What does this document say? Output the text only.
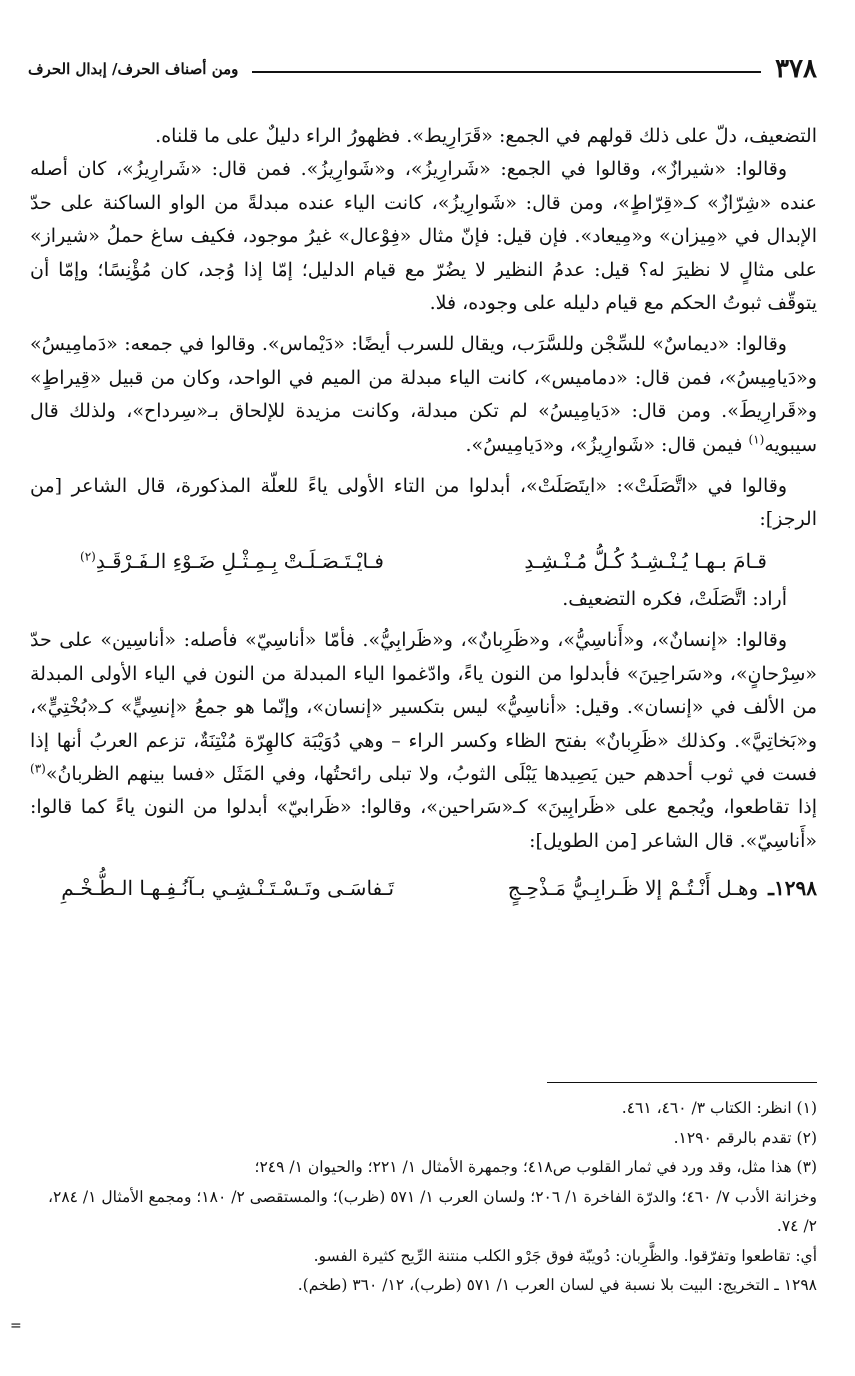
٣٧٨
ومن أصناف الحرف/ إبدال الحرف

التضعيف، دلّ على ذلك قولهم في الجمع: «قَرَارِيط». فظهورُ الراء دليلٌ على ما قلناه.

وقالوا: «شيرازٌ»، وقالوا في الجمع: «شَرارِيزُ»، و«شَوارِيزُ». فمن قال: «شَرارِيزُ»، كان أصله عنده «شِرّازٌ» كـ«قِرّاطٍ»، ومن قال: «شَوارِيزُ»، كانت الياء عنده مبدلةً من الواو الساكنة على حدّ الإبدال في «مِيزان» و«مِيعاد». فإن قيل: فإنّ مثال «فِوْعال» غيرُ موجود، فكيف ساغ حملُ «شيراز» على مثالٍ لا نظيرَ له؟ قيل: عدمُ النظير لا يضُرّ مع قيام الدليل؛ إمّا إذا وُجد، كان مُؤْنِسًا؛ وإمّا أن يتوقّف ثبوتُ الحكم مع قيام دليله على وجوده، فلا.

وقالوا: «ديماسٌ» للسِّجْن وللسَّرَب، ويقال للسرب أيضًا: «دَيْماس». وقالوا في جمعه: «دَمامِيسُ» و«دَيامِيسُ»، فمن قال: «دماميس»، كانت الياء مبدلة من الميم في الواحد، وكان من قبيل «قِيراطٍ» و«قَرارِيطَ». ومن قال: «دَيامِيسُ» لم تكن مبدلة، وكانت مزيدة للإلحاق بـ«سِرداح»، ولذلك قال سيبويه$^{(١)}$ فيمن قال: «شَوارِيزُ»، و«دَيامِيسُ».

وقالوا في «اتَّصَلَتْ»: «ايتَصَلَتْ»، أبدلوا من التاء الأولى ياءً للعلّة المذكورة، قال الشاعر [من الرجز]:

قـامَ بـهـا يُـنْـشِـدُ كُـلُّ مُـنْـشِـدِ
فـايْـتَـصَـلَـتْ بِـمِـثْـلِ ضَـوْءِ الـفَـرْقَـدِ$^{(٢)}$

أراد: اتَّصَلَتْ، فكره التضعيف.

وقالوا: «إنسانٌ»، و«أَناسِيُّ»، و«ظَرِبانٌ»، و«ظَرابِيُّ». فأمّا «أناسِيّ» فأصله: «أناسِين» على حدّ «سِرْحانٍ»، و«سَراحِينَ» فأبدلوا من النون ياءً، وادّغموا الياء المبدلة من النون في الياء الأولى المبدلة من الألف في «إنسان». وقيل: «أناسِيُّ» ليس بتكسير «إنسان»، وإنّما هو جمعُ «إنسِيٍّ» كـ«بُخْتِيٍّ»، و«بَخاتِيَّ». وكذلك «ظَرِبانٌ» بفتح الظاء وكسر الراء – وهي دُوَيْبَة كالهِرّة مُنْتِنَةٌ، تزعم العربُ أنها إذا فست في ثوب أحدهم حين يَصِيدها يَبْلَى الثوبُ، ولا تبلى رائحتُها، وفي المَثَل «فسا بينهم الظربانُ»$^{(٣)}$ إذا تقاطعوا، ويُجمع على «ظَرابِينَ» كـ«سَراحين»، وقالوا: «ظَرابيّ» أبدلوا من النون ياءً كما قالوا: «أَناسِيّ». قال الشاعر [من الطويل]:

١٢٩٨ـ
وهـل أَنْـتُـمْ إلا ظَـرابِـيُّ مَـذْحِـجٍ
تَـفاسَـى وتَـسْـتَـنْـشِـي بـآنُـفِـهـا الـطُّـخْـمِ

(١) انظر: الكتاب ٣/ ٤٦٠، ٤٦١.

(٢) تقدم بالرقم ١٢٩٠.

(٣) هذا مثل، وقد ورد في ثمار القلوب ص٤١٨؛ وجمهرة الأمثال ١/ ٢٢١؛ والحيوان ١/ ٢٤٩؛

وخزانة الأدب ٧/ ٤٦٠؛ والدرّة الفاخرة ١/ ٢٠٦؛ ولسان العرب ١/ ٥٧١ (ظرب)؛ والمستقصى ٢/ ١٨٠؛ ومجمع الأمثال ١/ ٢٨٤، ٢/ ٧٤.

أي: تقاطعوا وتفرّقوا. والظَّرِبان: دُويبّة فوق جَرْو الكلب منتنة الرِّيح كثيرة الفسو.

١٢٩٨ ـ التخريج: البيت بلا نسبة في لسان العرب ١/ ٥٧١ (طرب)، ١٢/ ٣٦٠ (طخم).

=
